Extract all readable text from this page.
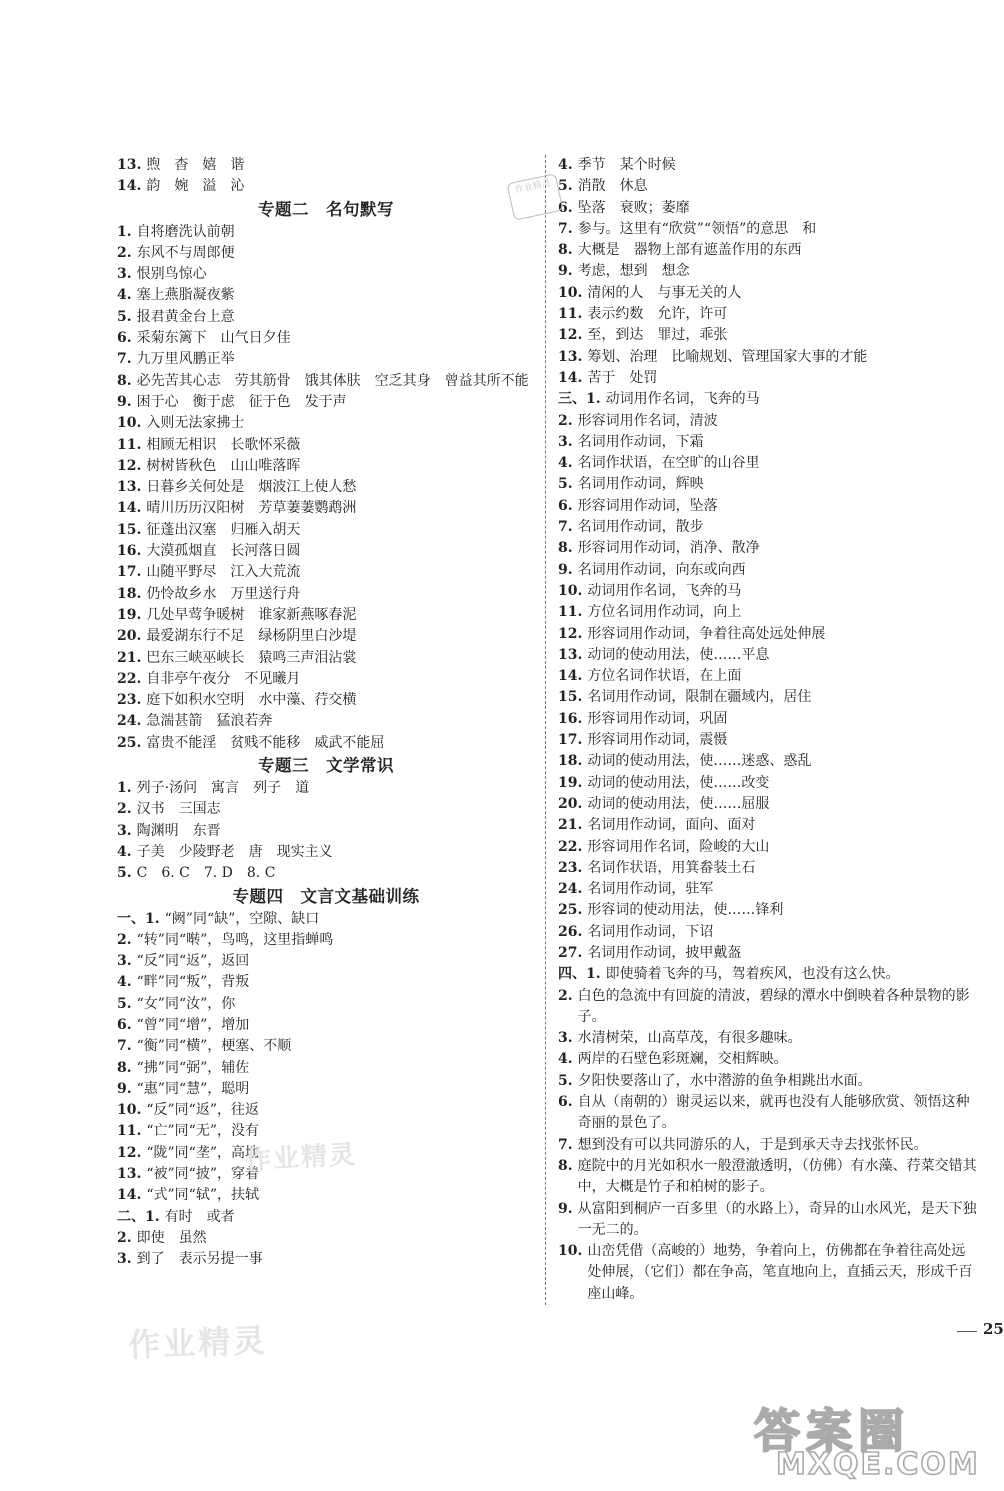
13. 煦　杳　嬉　谐
14. 韵　婉　溢　沁
专题二　名句默写
1. 自将磨洗认前朝
2. 东风不与周郎便
3. 恨别鸟惊心
4. 塞上燕脂凝夜紫
5. 报君黄金台上意
6. 采菊东篱下　山气日夕佳
7. 九万里风鹏正举
8. 必先苦其心志　劳其筋骨　饿其体肤　空乏其身　曾益其所不能
9. 困于心　衡于虑　征于色　发于声
10. 入则无法家拂士
11. 相顾无相识　长歌怀采薇
12. 树树皆秋色　山山唯落晖
13. 日暮乡关何处是　烟波江上使人愁
14. 晴川历历汉阳树　芳草萋萋鹦鹉洲
15. 征蓬出汉塞　归雁入胡天
16. 大漠孤烟直　长河落日圆
17. 山随平野尽　江入大荒流
18. 仍怜故乡水　万里送行舟
19. 几处早莺争暖树　谁家新燕啄春泥
20. 最爱湖东行不足　绿杨阴里白沙堤
21. 巴东三峡巫峡长　猿鸣三声泪沾裳
22. 自非亭午夜分　不见曦月
23. 庭下如积水空明　水中藻、荇交横
24. 急湍甚箭　猛浪若奔
25. 富贵不能淫　贫贱不能移　威武不能屈
专题三　文学常识
1. 列子·汤问　寓言　列子　道
2. 汉书　三国志
3. 陶渊明　东晋
4. 子美　少陵野老　唐　现实主义
5. C　6. C　7. D　8. C
专题四　文言文基础训练
一、1. “阙”同“缺”，空隙、缺口
2. “转”同“啭”，鸟鸣，这里指蝉鸣
3. “反”同“返”，返回
4. “畔”同“叛”，背叛
5. “女”同“汝”，你
6. “曾”同“增”，增加
7. “衡”同“横”，梗塞、不顺
8. “拂”同“弼”，辅佐
9. “惠”同“慧”，聪明
10. “反”同“返”，往返
11. “亡”同“无”，没有
12. “陇”同“垄”，高地
13. “被”同“披”，穿着
14. “式”同“轼”，扶轼
二、1. 有时　或者
2. 即使　虽然
3. 到了　表示另提一事
4. 季节　某个时候
5. 消散　休息
6. 坠落　衰败；萎靡
7. 参与。这里有“欣赏”“领悟”的意思　和
8. 大概是　器物上部有遮盖作用的东西
9. 考虑，想到　想念
10. 清闲的人　与事无关的人
11. 表示约数　允许，许可
12. 至，到达　罪过，乖张
13. 筹划、治理　比喻规划、管理国家大事的才能
14. 苦于　处罚
三、1. 动词用作名词，飞奔的马
2. 形容词用作名词，清波
3. 名词用作动词，下霜
4. 名词作状语，在空旷的山谷里
5. 名词用作动词，辉映
6. 形容词用作动词，坠落
7. 名词用作动词，散步
8. 形容词用作动词，消净、散净
9. 名词用作动词，向东或向西
10. 动词用作名词，飞奔的马
11. 方位名词用作动词，向上
12. 形容词用作动词，争着往高处远处伸展
13. 动词的使动用法，使……平息
14. 方位名词作状语，在上面
15. 名词用作动词，限制在疆域内，居住
16. 形容词用作动词，巩固
17. 形容词用作动词，震慑
18. 动词的使动用法，使……迷惑、惑乱
19. 动词的使动用法，使……改变
20. 动词的使动用法，使……屈服
21. 名词用作动词，面向、面对
22. 形容词用作名词，险峻的大山
23. 名词作状语，用箕畚装土石
24. 名词用作动词，驻军
25. 形容词的使动用法，使……锋利
26. 名词用作动词，下诏
27. 名词用作动词，披甲戴盔
四、1. 即使骑着飞奔的马，驾着疾风，也没有这么快。
2. 白色的急流中有回旋的清波，碧绿的潭水中倒映着各种景物的影子。
3. 水清树荣，山高草茂，有很多趣味。
4. 两岸的石壁色彩斑斓，交相辉映。
5. 夕阳快要落山了，水中潜游的鱼争相跳出水面。
6. 自从（南朝的）谢灵运以来，就再也没有人能够欣赏、领悟这种奇丽的景色了。
7. 想到没有可以共同游乐的人，于是到承天寺去找张怀民。
8. 庭院中的月光如积水一般澄澈透明，（仿佛）有水藻、荇菜交错其中，大概是竹子和柏树的影子。
9. 从富阳到桐庐一百多里（的水路上），奇异的山水风光，是天下独一无二的。
10. 山峦凭借（高峻的）地势，争着向上，仿佛都在争着往高处远处伸展，（它们）都在争高，笔直地向上，直插云天，形成千百座山峰。
25
作业精灵
作业精灵
作业精灵
答案圈
MXQE.COM
